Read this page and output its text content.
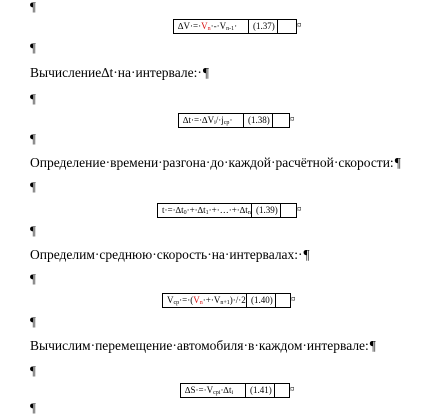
¶
$\Delta V\cdot=\cdot V_n\cdot-\cdot V_{n-1}\cdot$	(1.37)	¤
¶
Вычисление∆t·на·интервале:·¶
¶
$\Delta t\cdot=\cdot\Delta V_i/\cdot j_{ср}\cdot$	(1.38)	¤
¶
Определение·времени·разгона·до·каждой·расчётной·скорости:¶
¶
$t\cdot=\cdot\Delta t_0\cdot+\cdot\Delta t_1\cdot+\cdot\dots\cdot+\cdot\Delta t_n$ (1.39)	¤
¶
Определим·среднюю·скорость·на·интервалах:·¶
¶
$V_{ср}\cdot=\cdot(V_n\cdot+\cdot V_{n+1})\cdot/\cdot 2$ (1.40)	¤
¶
Вычислим·перемещение·автомобиля·в·каждом·интервале:¶
¶
$\Delta S\cdot=\cdot V_{срi}\cdot\Delta t_i$	(1.41)	¤
¶
